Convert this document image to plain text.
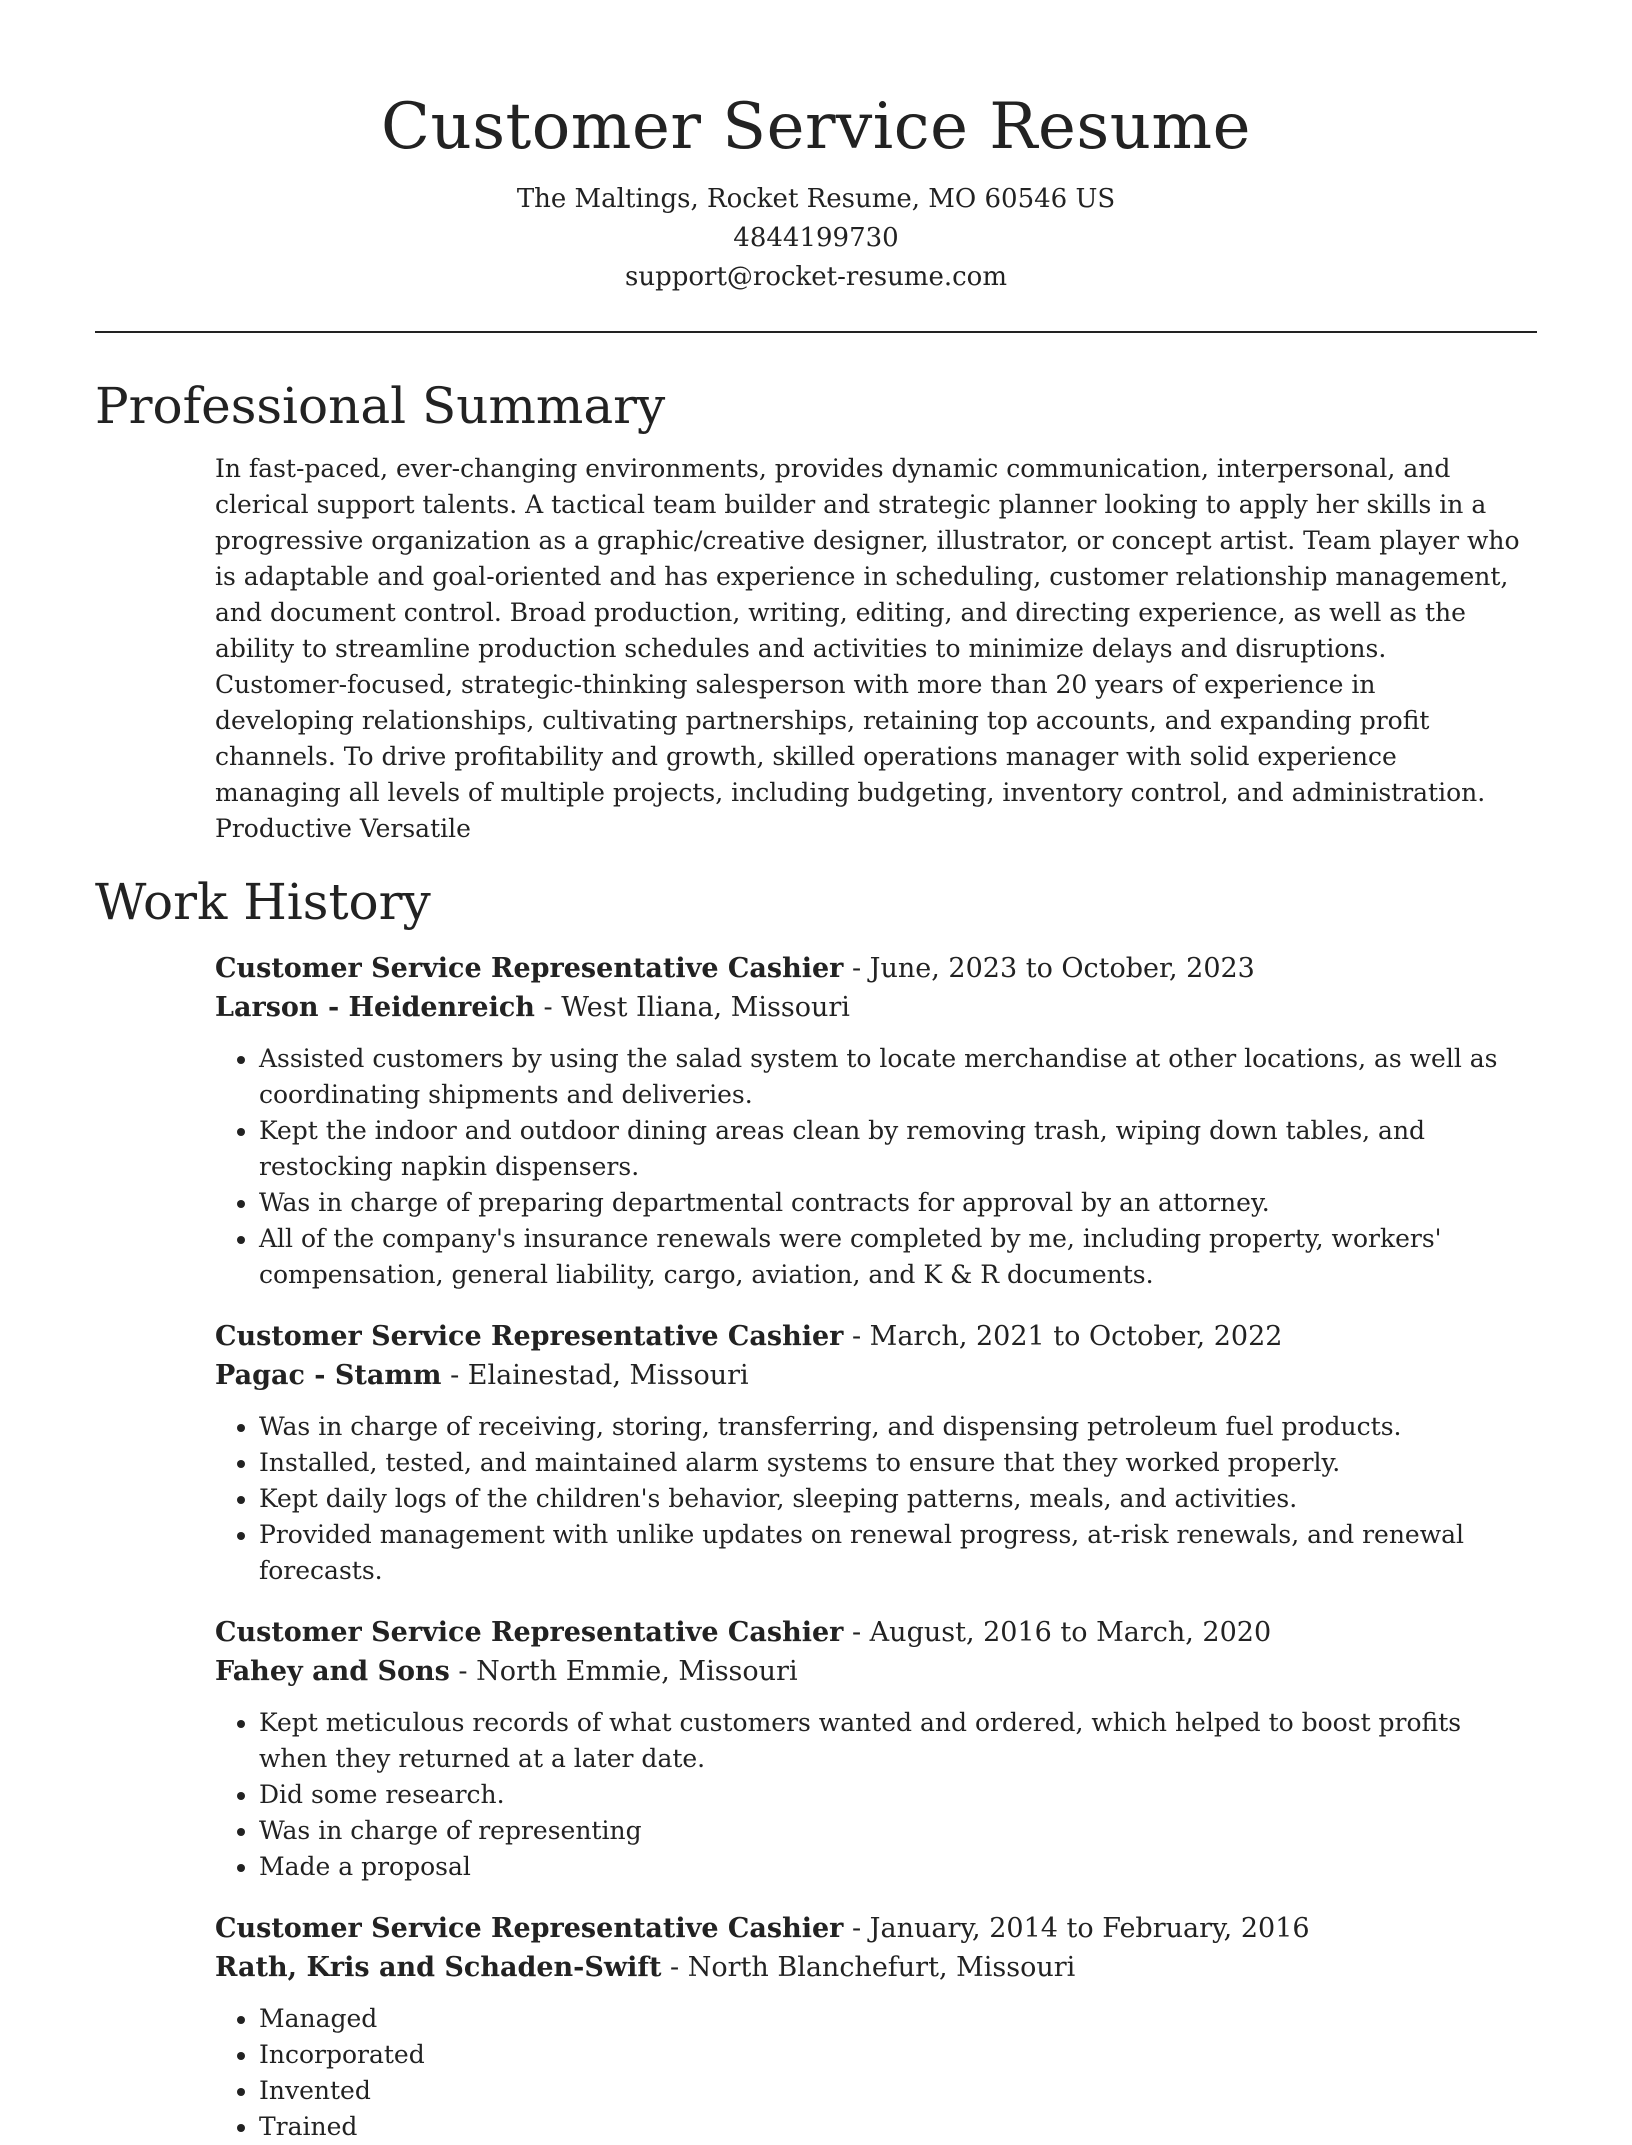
Customer Service Resume

The Maltings, Rocket Resume, MO 60546 US

4844199730

support@rocket-resume.com

Professional Summary

In fast-paced, ever-changing environments, provides dynamic communication, interpersonal, and clerical support talents. A tactical team builder and strategic planner looking to apply her skills in a progressive organization as a graphic/creative designer, illustrator, or concept artist. Team player who is adaptable and goal-oriented and has experience in scheduling, customer relationship management, and document control. Broad production, writing, editing, and directing experience, as well as the ability to streamline production schedules and activities to minimize delays and disruptions. Customer-focused, strategic-thinking salesperson with more than 20 years of experience in developing relationships, cultivating partnerships, retaining top accounts, and expanding profit channels. To drive profitability and growth, skilled operations manager with solid experience managing all levels of multiple projects, including budgeting, inventory control, and administration. Productive Versatile

Work History

Customer Service Representative Cashier - June, 2023 to October, 2023

Larson - Heidenreich - West Iliana, Missouri

• Assisted customers by using the salad system to locate merchandise at other locations, as well as coordinating shipments and deliveries.
• Kept the indoor and outdoor dining areas clean by removing trash, wiping down tables, and restocking napkin dispensers.
• Was in charge of preparing departmental contracts for approval by an attorney.
• All of the company's insurance renewals were completed by me, including property, workers' compensation, general liability, cargo, aviation, and K & R documents.

Customer Service Representative Cashier - March, 2021 to October, 2022

Pagac - Stamm - Elainestad, Missouri

• Was in charge of receiving, storing, transferring, and dispensing petroleum fuel products.
• Installed, tested, and maintained alarm systems to ensure that they worked properly.
• Kept daily logs of the children's behavior, sleeping patterns, meals, and activities.
• Provided management with unlike updates on renewal progress, at-risk renewals, and renewal forecasts.

Customer Service Representative Cashier - August, 2016 to March, 2020

Fahey and Sons - North Emmie, Missouri

• Kept meticulous records of what customers wanted and ordered, which helped to boost profits when they returned at a later date.
• Did some research.
• Was in charge of representing
• Made a proposal

Customer Service Representative Cashier - January, 2014 to February, 2016

Rath, Kris and Schaden-Swift - North Blanchefurt, Missouri

• Managed
• Incorporated
• Invented
• Trained
